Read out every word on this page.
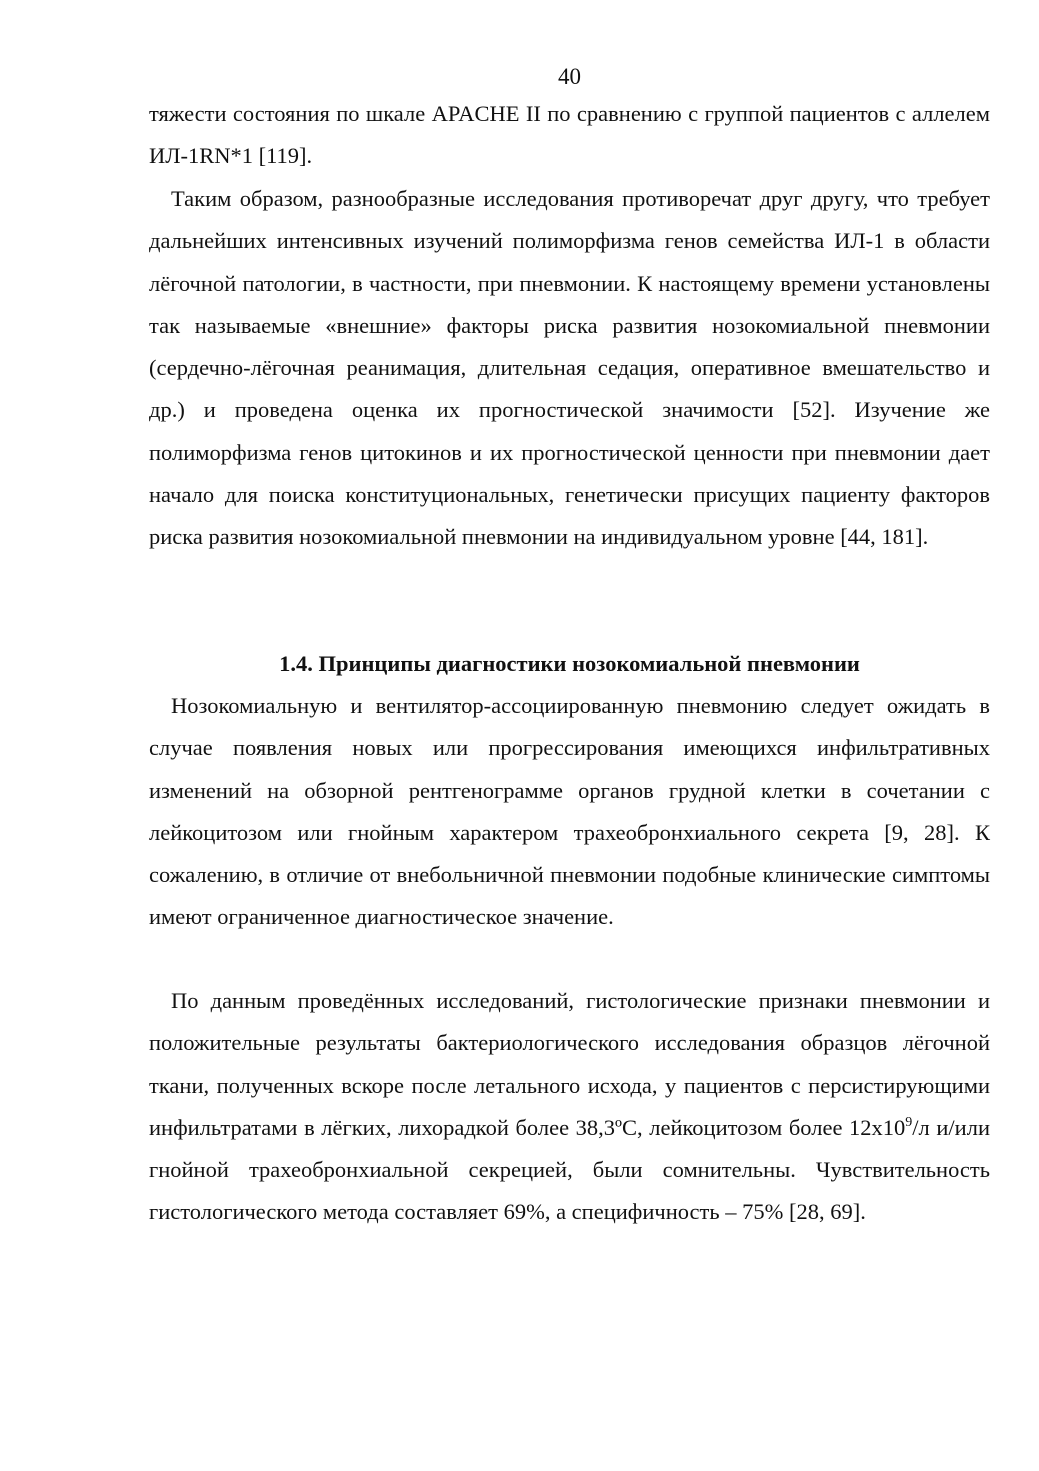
40

тяжести состояния по шкале APACHE II по сравнению с группой пациентов с аллелем ИЛ-1RN*1 [119].

Таким образом, разнообразные исследования противоречат друг другу, что требует дальнейших интенсивных изучений полиморфизма генов семейства ИЛ-1 в области лёгочной патологии, в частности, при пневмонии. К настоящему времени установлены так называемые «внешние» факторы риска развития нозокомиальной пневмонии (сердечно-лёгочная реанимация, длительная седация, оперативное вмешательство и др.) и проведена оценка их прогностической значимости [52]. Изучение же полиморфизма генов цитокинов и их прогностической ценности при пневмонии дает начало для поиска конституциональных, генетически присущих пациенту факторов риска развития нозокомиальной пневмонии на индивидуальном уровне [44, 181].

1.4. Принципы диагностики нозокомиальной пневмонии

Нозокомиальную и вентилятор-ассоциированную пневмонию следует ожидать в случае появления новых или прогрессирования имеющихся инфильтративных изменений на обзорной рентгенограмме органов грудной клетки в сочетании с лейкоцитозом или гнойным характером трахеобронхиального секрета [9, 28]. К сожалению, в отличие от внебольничной пневмонии подобные клинические симптомы имеют ограниченное диагностическое значение.

По данным проведённых исследований, гистологические признаки пневмонии и положительные результаты бактериологического исследования образцов лёгочной ткани, полученных вскоре после летального исхода, у пациентов с персистирующими инфильтратами в лёгких, лихорадкой более 38,3ºС, лейкоцитозом более $12х10^9/л$ и/или гнойной трахеобронхиальной секрецией, были сомнительны. Чувствительность гистологического метода составляет 69%, а специфичность – 75% [28, 69].
